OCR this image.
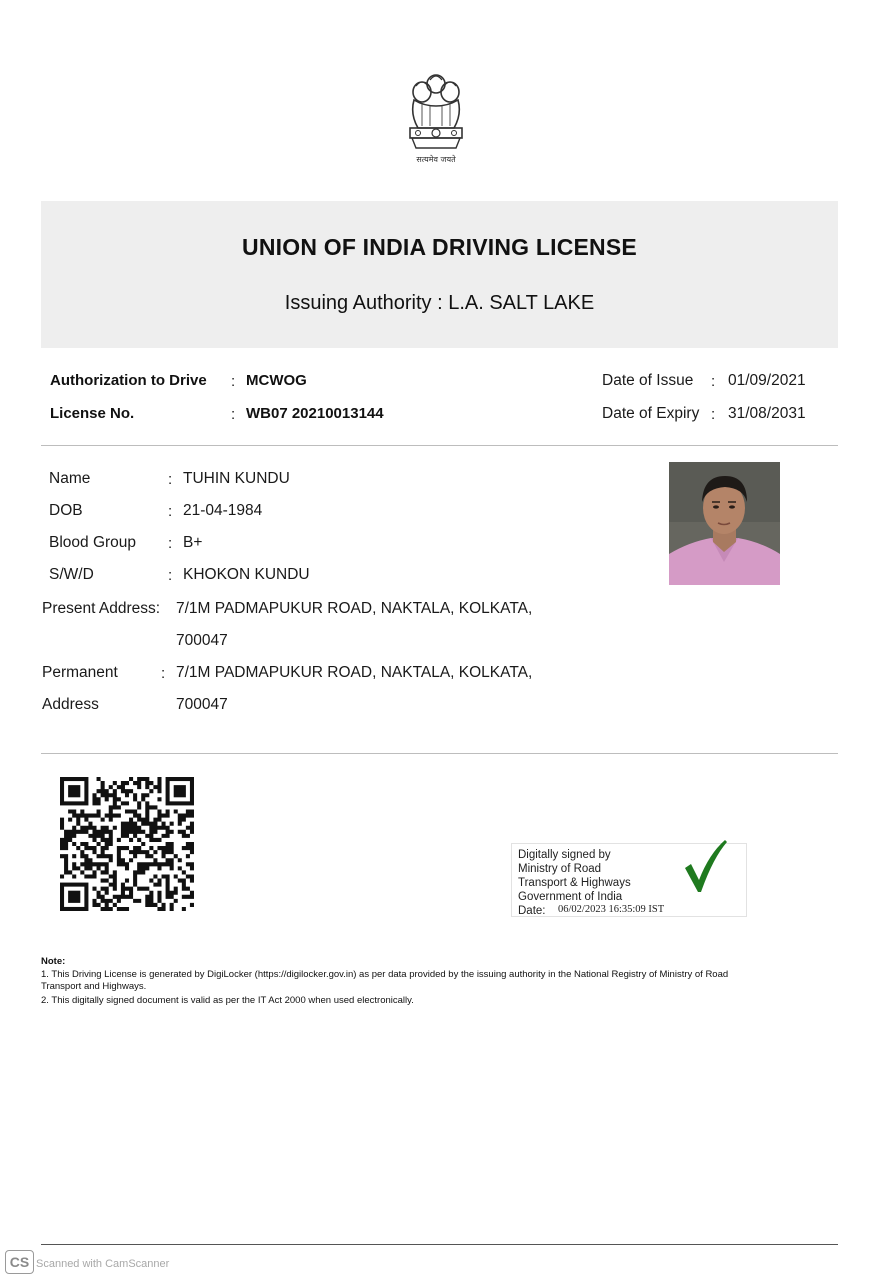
सत्यमेव जयते
UNION OF INDIA DRIVING LICENSE
Issuing Authority : L.A. SALT LAKE
Authorization to Drive : MCWOG
License No.	: WB07 20210013144
Date of Issue : 01/09/2021
Date of Expiry : 31/08/2031
Name	: TUHIN KUNDU
DOB	: 21-04-1984
Blood Group : B+
S/W/D	: KHOKON KUNDU
Present Address: 7/1M PADMAPUKUR ROAD, NAKTALA, KOLKATA,
700047
Permanent	: 7/1M PADMAPUKUR ROAD, NAKTALA, KOLKATA,
Address	700047
Digitally signed by
Ministry of Road
Transport & Highways
Government of India
Date: 06/02/2023 16:35:09 IST
Note:
1. This Driving License is generated by DigiLocker (https://digilocker.gov.in) as per data provided by the issuing authority in the National Registry of Ministry of Road
Transport and Highways.
2. This digitally signed document is valid as per the IT Act 2000 when used electronically.
CS Scanned with CamScanner
